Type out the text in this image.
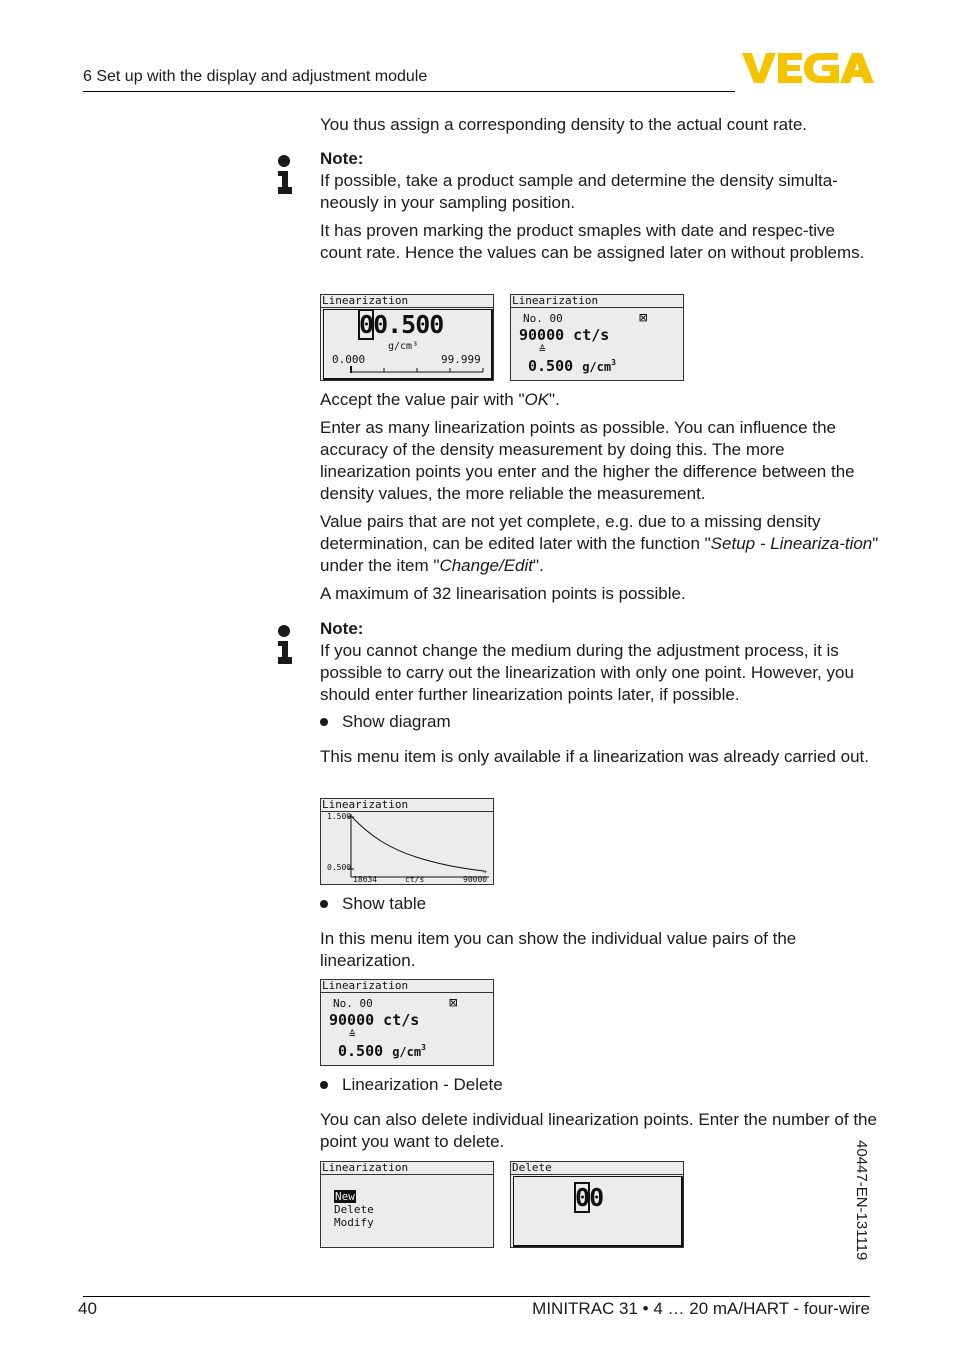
6 Set up with the display and adjustment module
You thus assign a corresponding density to the actual count rate.
Note:

If possible, take a product sample and determine the density simulta-neously in your sampling position.

It has proven marking the product smaples with date and respec-tive count rate. Hence the values can be assigned later on without problems.

Linearization
00.500
g/cm³
0.000	99.999
Linearization
No. 00	⊠
90000 ct/s
≙
0.500 $g/cm^3$
Accept the value pair with "OK".
Enter as many linearization points as possible. You can influence the accuracy of the density measurement by doing this. The more linearization points you enter and the higher the difference between the density values, the more reliable the measurement.
Value pairs that are not yet complete, e.g. due to a missing density determination, can be edited later with the function "Setup - Lineariza-tion" under the item "Change/Edit".
A maximum of 32 linearisation points is possible.
Note:

If you cannot change the medium during the adjustment process, it is possible to carry out the linearization with only one point. However, you should enter further linearization points later, if possible.

Show diagram
This menu item is only available if a linearization was already carried out.
Linearization
1.500
0.500
18634	ct/s	90000
+
Show table
In this menu item you can show the individual value pairs of the linearization.
Linearization
No. 00	⊠
90000 ct/s
≙
0.500 $g/cm^3$
Linearization - Delete
You can also delete individual linearization points. Enter the number of the point you want to delete.
Linearization
New
Delete
Modify
Delete
00	40447-EN-131119
40	MINITRAC 31 • 4 … 20 mA/HART - four-wire
